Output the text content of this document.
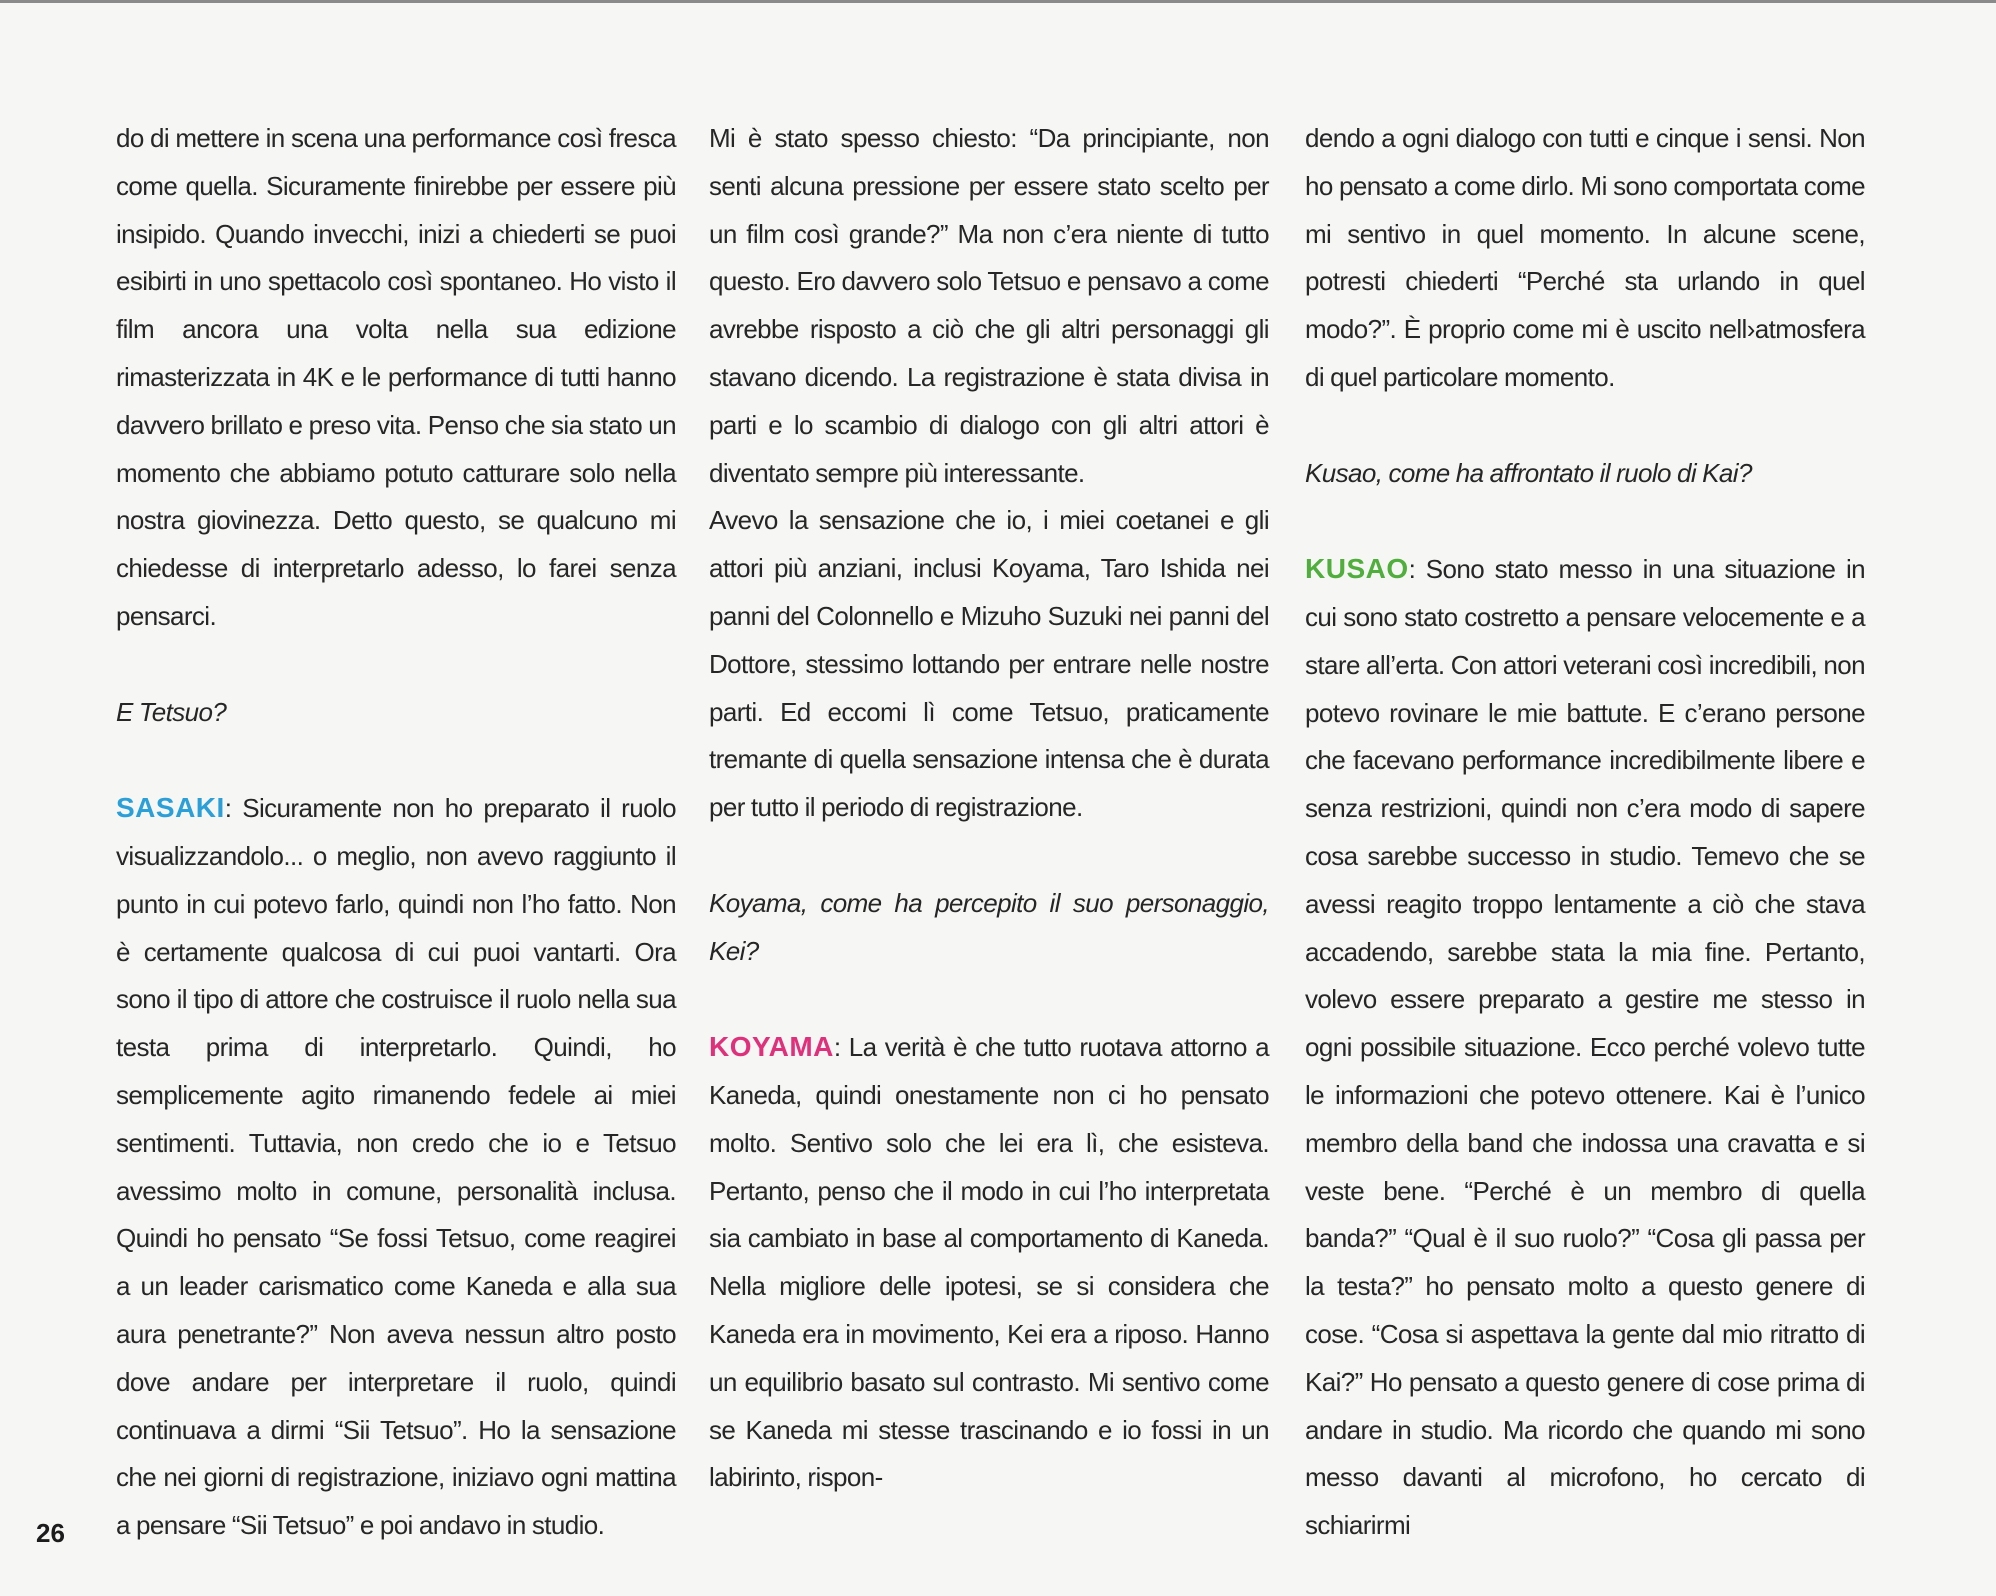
do di mettere in scena una performance così fresca come quella. Sicuramente finirebbe per essere più insipido. Quando invecchi, inizi a chiederti se puoi esibirti in uno spettacolo così spontaneo. Ho visto il film ancora una volta nella sua edizione rimasterizzata in 4K e le performance di tutti hanno davvero brillato e preso vita. Penso che sia stato un momento che abbiamo potuto catturare solo nella nostra giovinezza. Detto questo, se qualcuno mi chiedesse di interpretarlo adesso, lo farei senza pensarci.

E Tetsuo?

SASAKI: Sicuramente non ho preparato il ruolo visualizzandolo... o meglio, non avevo raggiunto il punto in cui potevo farlo, quindi non l’ho fatto. Non è certamente qualcosa di cui puoi vantarti. Ora sono il tipo di attore che costruisce il ruolo nella sua testa prima di interpretarlo. Quindi, ho semplicemente agito rimanendo fedele ai miei sentimenti. Tuttavia, non credo che io e Tetsuo avessimo molto in comune, personalità inclusa. Quindi ho pensato “Se fossi Tetsuo, come reagirei a un leader carismatico come Kaneda e alla sua aura penetrante?” Non aveva nessun altro posto dove andare per interpretare il ruolo, quindi continuava a dirmi “Sii Tetsuo”. Ho la sensazione che nei giorni di registrazione, iniziavo ogni mattina a pensare “Sii Tetsuo” e poi andavo in studio.

Mi è stato spesso chiesto: “Da principiante, non senti alcuna pressione per essere stato scelto per un film così grande?” Ma non c’era niente di tutto questo. Ero davvero solo Tetsuo e pensavo a come avrebbe risposto a ciò che gli altri personaggi gli stavano dicendo. La registrazione è stata divisa in parti e lo scambio di dialogo con gli altri attori è diventato sempre più interessante.

Avevo la sensazione che io, i miei coetanei e gli attori più anziani, inclusi Koyama, Taro Ishida nei panni del Colonnello e Mizuho Suzuki nei panni del Dottore, stessimo lottando per entrare nelle nostre parti. Ed eccomi lì come Tetsuo, praticamente tremante di quella sensazione intensa che è durata per tutto il periodo di registrazione.

Koyama, come ha percepito il suo personaggio, Kei?

KOYAMA: La verità è che tutto ruotava attorno a Kaneda, quindi onestamente non ci ho pensato molto. Sentivo solo che lei era lì, che esisteva. Pertanto, penso che il modo in cui l’ho interpretata sia cambiato in base al comportamento di Kaneda. Nella migliore delle ipotesi, se si considera che Kaneda era in movimento, Kei era a riposo. Hanno un equilibrio basato sul contrasto. Mi sentivo come se Kaneda mi stesse trascinando e io fossi in un labirinto, rispon-

dendo a ogni dialogo con tutti e cinque i sensi. Non ho pensato a come dirlo. Mi sono comportata come mi sentivo in quel momento. In alcune scene, potresti chiederti “Perché sta urlando in quel modo?”. È proprio come mi è uscito nell›atmosfera di quel particolare momento.

Kusao, come ha affrontato il ruolo di Kai?

KUSAO: Sono stato messo in una situazione in cui sono stato costretto a pensare velocemente e a stare all’erta. Con attori veterani così incredibili, non potevo rovinare le mie battute. E c’erano persone che facevano performance incredibilmente libere e senza restrizioni, quindi non c’era modo di sapere cosa sarebbe successo in studio. Temevo che se avessi reagito troppo lentamente a ciò che stava accadendo, sarebbe stata la mia fine. Pertanto, volevo essere preparato a gestire me stesso in ogni possibile situazione. Ecco perché volevo tutte le informazioni che potevo ottenere. Kai è l’unico membro della band che indossa una cravatta e si veste bene. “Perché è un membro di quella banda?” “Qual è il suo ruolo?” “Cosa gli passa per la testa?” ho pensato molto a questo genere di cose. “Cosa si aspettava la gente dal mio ritratto di Kai?” Ho pensato a questo genere di cose prima di andare in studio. Ma ricordo che quando mi sono messo davanti al microfono, ho cercato di schiarirmi

26
